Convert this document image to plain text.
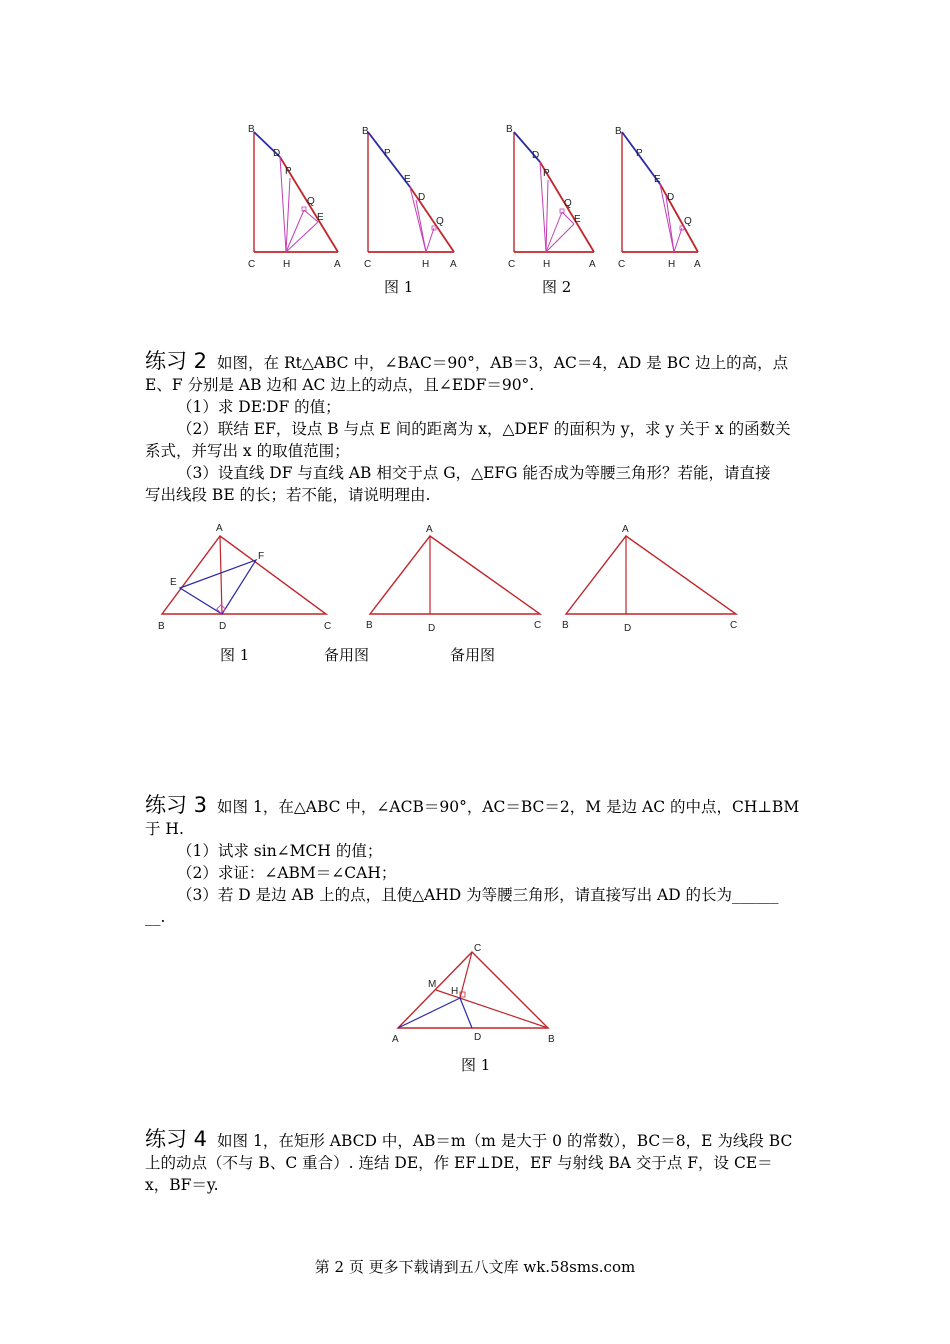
B
D
P
Q
E
C	H	A
B
P
E
D
Q
C	H A
B
D
P
Q
E
C	H	A
B
P
E
D
Q
C	H A
图 1	图 2
练习 2 如图，在 Rt△ABC 中，∠BAC＝90°，AB＝3，AC＝4，AD 是 BC 边上的高，点
E、F 分别是 AB 边和 AC 边上的动点，且∠EDF＝90°.
（1）求 DE∶DF 的值；
（2）联结 EF，设点 B 与点 E 间的距离为 x，△DEF 的面积为 y，求 y 关于 x 的函数关
系式，并写出 x 的取值范围；
（3）设直线 DF 与直线 AB 相交于点 G，△EFG 能否成为等腰三角形？若能，请直接
写出线段 BE 的长；若不能，请说明理由.
A
F
E
B	D	C
A
B	D	C
A
B	D	C
图 1	备用图	备用图
练习 3 如图 1，在△ABC 中，∠ACB＝90°，AC＝BC＝2，M 是边 AC 的中点，CH⊥BM
于 H.
（1）试求 sin∠MCH 的值；
（2）求证：∠ABM＝∠CAH；
（3）若 D 是边 AB 上的点，且使△AHD 为等腰三角形，请直接写出 AD 的长为______
__.
C
M
H
A	D	B
图 1
练习 4 如图 1，在矩形 ABCD 中，AB＝m（m 是大于 0 的常数），BC＝8，E 为线段 BC
上的动点（不与 B、C 重合）. 连结 DE，作 EF⊥DE，EF 与射线 BA 交于点 F，设 CE＝
x，BF＝y.
第 2 页 更多下载请到五八文库 wk.58sms.com
